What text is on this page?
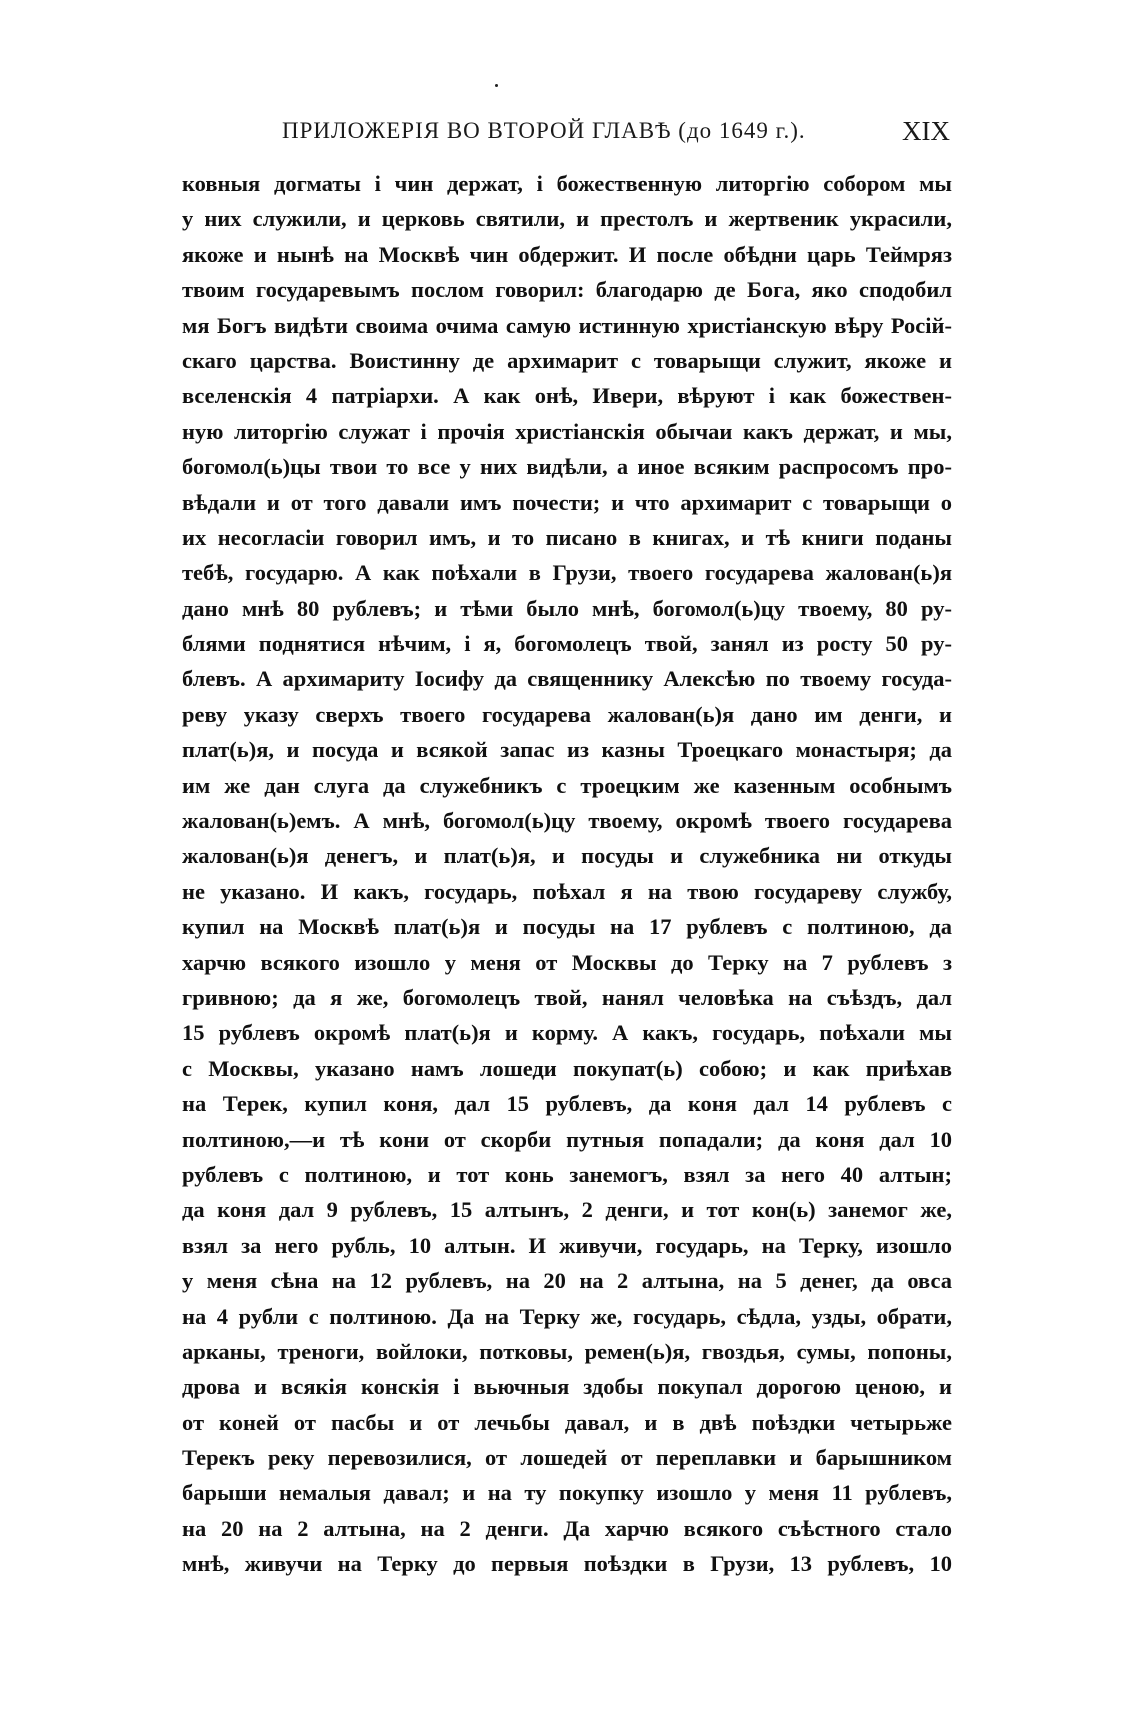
ПРИЛОЖЕРІЯ ВО ВТОРОЙ ГЛАВѢ (до 1649 г.).	XIX
ковныя догматы і чин держат, і божественную литоргію собором мы
у них служили, и церковь святили, и престолъ и жертвеник украсили,
якоже и нынѣ на Москвѣ чин обдержит. И после обѣдни царь Теймряз
твоим государевымъ послом говорил: благодарю де Бога, яко сподобил
мя Богъ видѣти своима очима самую истинную христіанскую вѣру Росій-
скаго царства. Воистинну де архимарит с товарыщи служит, якоже и
вселенскія 4 патріархи. А как онѣ, Ивери, вѣруют і как божествен-
ную литоргію служат і прочія христіанскія обычаи какъ держат, и мы,
богомол(ь)цы твои то все у них видѣли, а иное всяким распросомъ про-
вѣдали и от того давали имъ почести; и что архимарит с товарыщи о
их несогласіи говорил имъ, и то писано в книгах, и тѣ книги поданы
тебѣ, государю. А как поѣхали в Грузи, твоего государева жалован(ь)я
дано мнѣ 80 рублевъ; и тѣми было мнѣ, богомол(ь)цу твоему, 80 ру-
блями поднятися нѣчим, і я, богомолецъ твой, занял из росту 50 ру-
блевъ. А архимариту Іосифу да священнику Алексѣю по твоему госуда-
реву указу сверхъ твоего государева жалован(ь)я дано им денги, и
плат(ь)я, и посуда и всякой запас из казны Троецкаго монастыря; да
им же дан слуга да служебникъ с троецким же казенным особнымъ
жалован(ь)емъ. А мнѣ, богомол(ь)цу твоему, окромѣ твоего государева
жалован(ь)я денегъ, и плат(ь)я, и посуды и служебника ни откуды
не указано. И какъ, государь, поѣхал я на твою государеву службу,
купил на Москвѣ плат(ь)я и посуды на 17 рублевъ с полтиною, да
харчю всякого изошло у меня от Москвы до Терку на 7 рублевъ з
гривною; да я же, богомолецъ твой, нанял человѣка на съѣздъ, дал
15 рублевъ окромѣ плат(ь)я и корму. А какъ, государь, поѣхали мы
с Москвы, указано намъ лошеди покупат(ь) собою; и как приѣхав
на Терек, купил коня, дал 15 рублевъ, да коня дал 14 рублевъ с
полтиною,—и тѣ кони от скорби путныя попадали; да коня дал 10
рублевъ с полтиною, и тот конь занемогъ, взял за него 40 алтын;
да коня дал 9 рублевъ, 15 алтынъ, 2 денги, и тот кон(ь) занемог же,
взял за него рубль, 10 алтын. И живучи, государь, на Терку, изошло
у меня сѣна на 12 рублевъ, на 20 на 2 алтына, на 5 денег, да овса
на 4 рубли с полтиною. Да на Терку же, государь, сѣдла, узды, обрати,
арканы, треноги, войлоки, потковы, ремен(ь)я, гвоздья, сумы, попоны,
дрова и всякія конскія і вьючныя здобы покупал дорогою ценою, и
от коней от пасбы и от лечьбы давал, и в двѣ поѣздки четырьже
Терекъ реку перевозилися, от лошедей от переплавки и барышником
барыши немалыя давал; и на ту покупку изошло у меня 11 рублевъ,
на 20 на 2 алтына, на 2 денги. Да харчю всякого съѣстного стало
мнѣ, живучи на Терку до первыя поѣздки в Грузи, 13 рублевъ, 10
